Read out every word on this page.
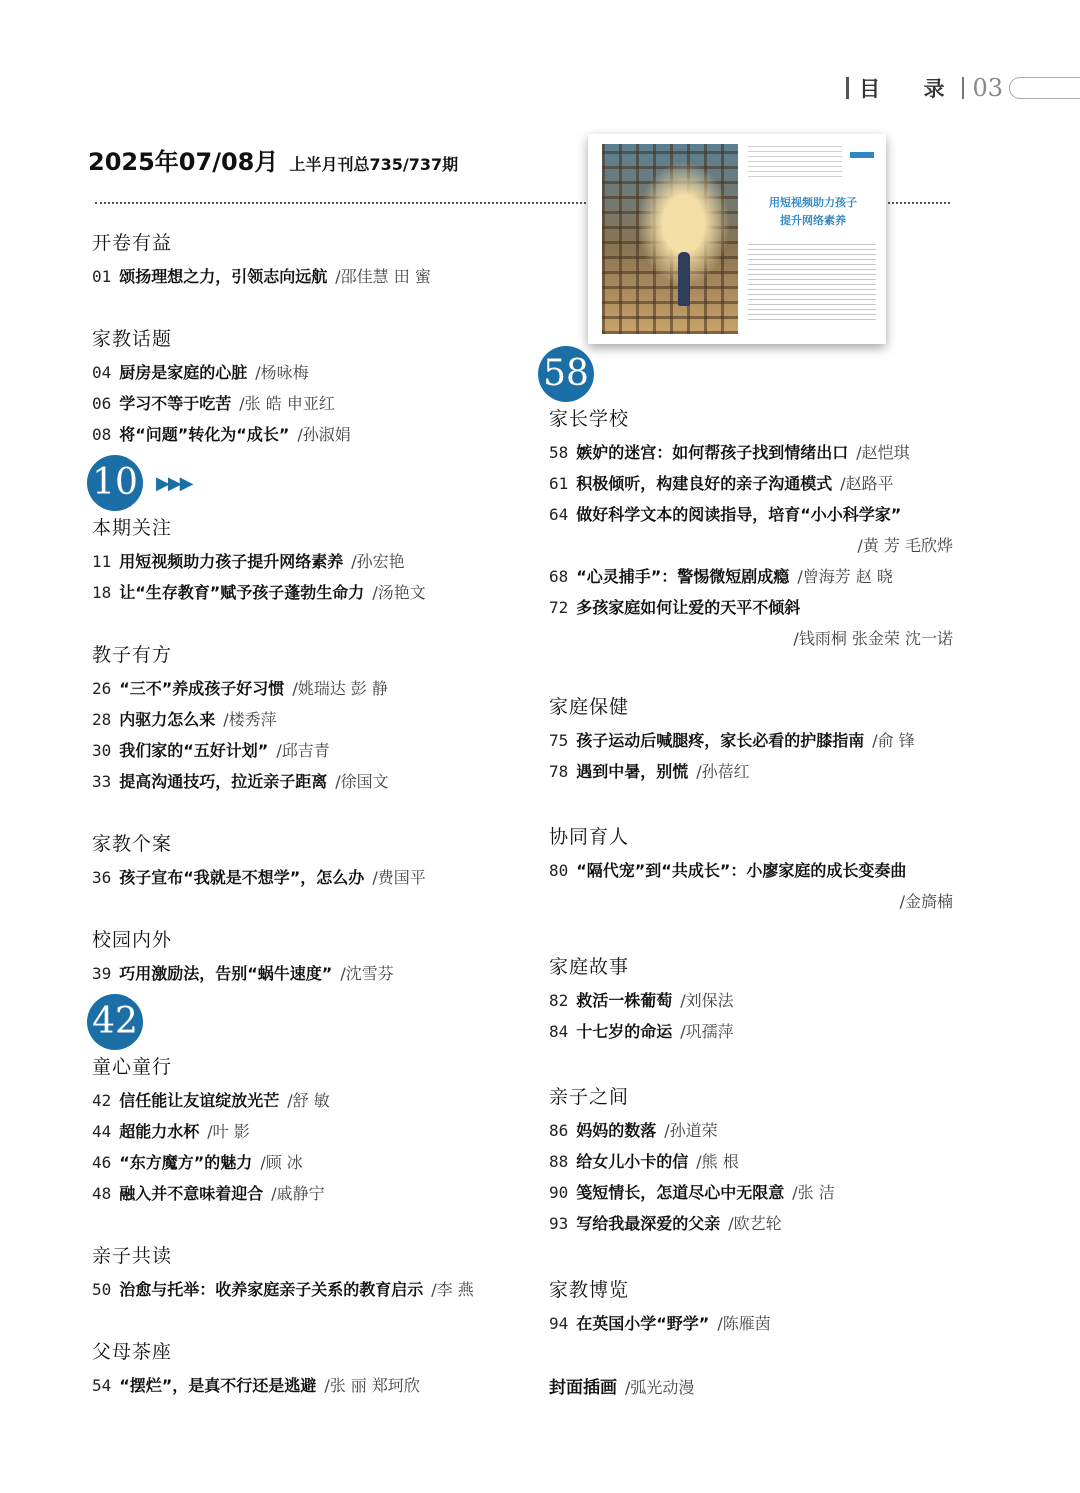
目 录 03
2025年07/08月 上半月刊总735/737期
用短视频助力孩子
提升网络素养
10 ▶▶▶
42
58
开卷有益
01 颂扬理想之力，引领志向远航 /邵佳慧 田 蜜
家教话题
04 厨房是家庭的心脏 /杨咏梅
06 学习不等于吃苦 /张 皓 申亚红
08 将“问题”转化为“成长” /孙淑娟
本期关注
11 用短视频助力孩子提升网络素养 /孙宏艳
18 让“生存教育”赋予孩子蓬勃生命力 /汤艳文
教子有方
26 “三不”养成孩子好习惯 /姚瑞达 彭 静
28 内驱力怎么来 /楼秀萍
30 我们家的“五好计划” /邱吉青
33 提高沟通技巧，拉近亲子距离 /徐国文
家教个案
36 孩子宣布“我就是不想学”，怎么办 /费国平
校园内外
39 巧用激励法，告别“蜗牛速度” /沈雪芬
童心童行
42 信任能让友谊绽放光芒 /舒 敏
44 超能力水杯 /叶 影
46 “东方魔方”的魅力 /顾 冰
48 融入并不意味着迎合 /戚静宁
亲子共读
50 治愈与托举：收养家庭亲子关系的教育启示 /李 燕
父母茶座
54 “摆烂”，是真不行还是逃避 /张 丽 郑珂欣
家长学校
58 嫉妒的迷宫：如何帮孩子找到情绪出口 /赵恺琪
61 积极倾听，构建良好的亲子沟通模式 /赵路平
64 做好科学文本的阅读指导，培育“小小科学家”
/黄 芳 毛欣烨
68 “心灵捕手”：警惕微短剧成瘾 /曾海芳 赵 晓
72 多孩家庭如何让爱的天平不倾斜
/钱雨桐 张金荣 沈一诺
家庭保健
75 孩子运动后喊腿疼，家长必看的护膝指南 /俞 锋
78 遇到中暑，别慌 /孙蓓红
协同育人
80 “隔代宠”到“共成长”：小廖家庭的成长变奏曲
/金旖楠
家庭故事
82 救活一株葡萄 /刘保法
84 十七岁的命运 /巩孺萍
亲子之间
86 妈妈的数落 /孙道荣
88 给女儿小卡的信 /熊 根
90 笺短情长，怎道尽心中无限意 /张 洁
93 写给我最深爱的父亲 /欧艺轮
家教博览
94 在英国小学“野学” /陈雁茵
封面插画 /弧光动漫
